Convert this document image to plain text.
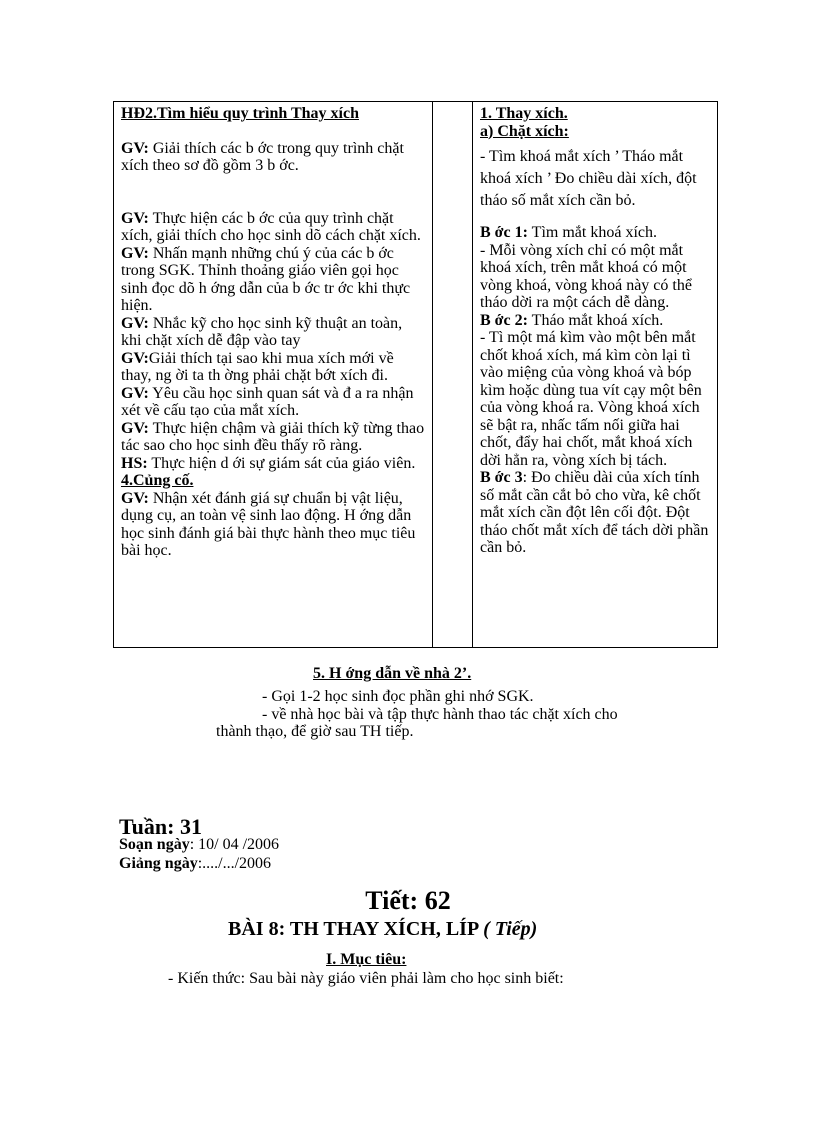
HĐ2.Tìm hiểu quy trình Thay xích
GV: Giải thích các b ớc trong quy trình chặt xích theo sơ đồ gồm 3 b ớc.
GV: Thực hiện các b ớc của quy trình chặt xích, giải thích cho học sinh dõ cách chặt xích.
GV: Nhấn mạnh những chú ý của các b ớc trong SGK. Thỉnh thoảng giáo viên gọi học sinh đọc dõ h ớng dẫn của b ớc tr ớc khi thực hiện.
GV: Nhắc kỹ cho học sinh kỹ thuật an toàn, khi chặt xích dễ đập vào tay
GV:Giải thích tại sao khi mua xích mới về thay, ng ời ta th ờng phải chặt bớt xích đi.
GV: Yêu cầu học sinh quan sát và đ a ra nhận xét về cấu tạo của mắt xích.
GV: Thực hiện chậm và giải thích kỹ từng thao tác sao cho học sinh đều thấy rõ ràng.
HS: Thực hiện d ới sự giám sát của giáo viên.
4.Củng cố.
GV: Nhận xét đánh giá sự chuẩn bị vật liệu, dụng cụ, an toàn vệ sinh lao động. H ớng dẫn học sinh đánh giá bài thực hành theo mục tiêu bài học.
1. Thay xích.
a) Chặt xích:
- Tìm khoá mắt xích ’ Tháo mắt khoá xích ’ Đo chiều dài xích, đột tháo số mắt xích cần bỏ.
B ớc 1: Tìm mắt khoá xích.
- Mỗi vòng xích chỉ có một mắt khoá xích, trên mắt khoá có một vòng khoá, vòng khoá này có thể tháo dời ra một cách dễ dàng.
B ớc 2: Tháo mắt khoá xích.
- Tì một má kìm vào một bên mắt chốt khoá xích, má kìm còn lại tì vào miệng của vòng khoá và bóp kìm hoặc dùng tua vít cạy một bên của vòng khoá ra. Vòng khoá xích sẽ bật ra, nhấc tấm nối giữa hai chốt, đẩy hai chốt, mắt khoá xích dời hẳn ra, vòng xích bị tách.
B ớc 3: Đo chiều dài của xích tính số mắt cần cắt bỏ cho vừa, kê chốt mắt xích cần đột lên cối đột. Đột tháo chốt mắt xích để tách dời phần cần bỏ.
5. H ớng dẫn về nhà 2’.
- Gọi 1-2 học sinh đọc phần ghi nhớ SGK.
- về nhà học bài và tập thực hành thao tác chặt xích cho
thành thạo, để giờ sau TH tiếp.
Tuần: 31
Soạn ngày: 10/ 04 /2006
Giảng ngày:..../.../2006
Tiết: 62
BÀI 8: TH THAY XÍCH, LÍP ( Tiếp)
I. Mục tiêu:
- Kiến thức: Sau bài này giáo viên phải làm cho học sinh biết:
